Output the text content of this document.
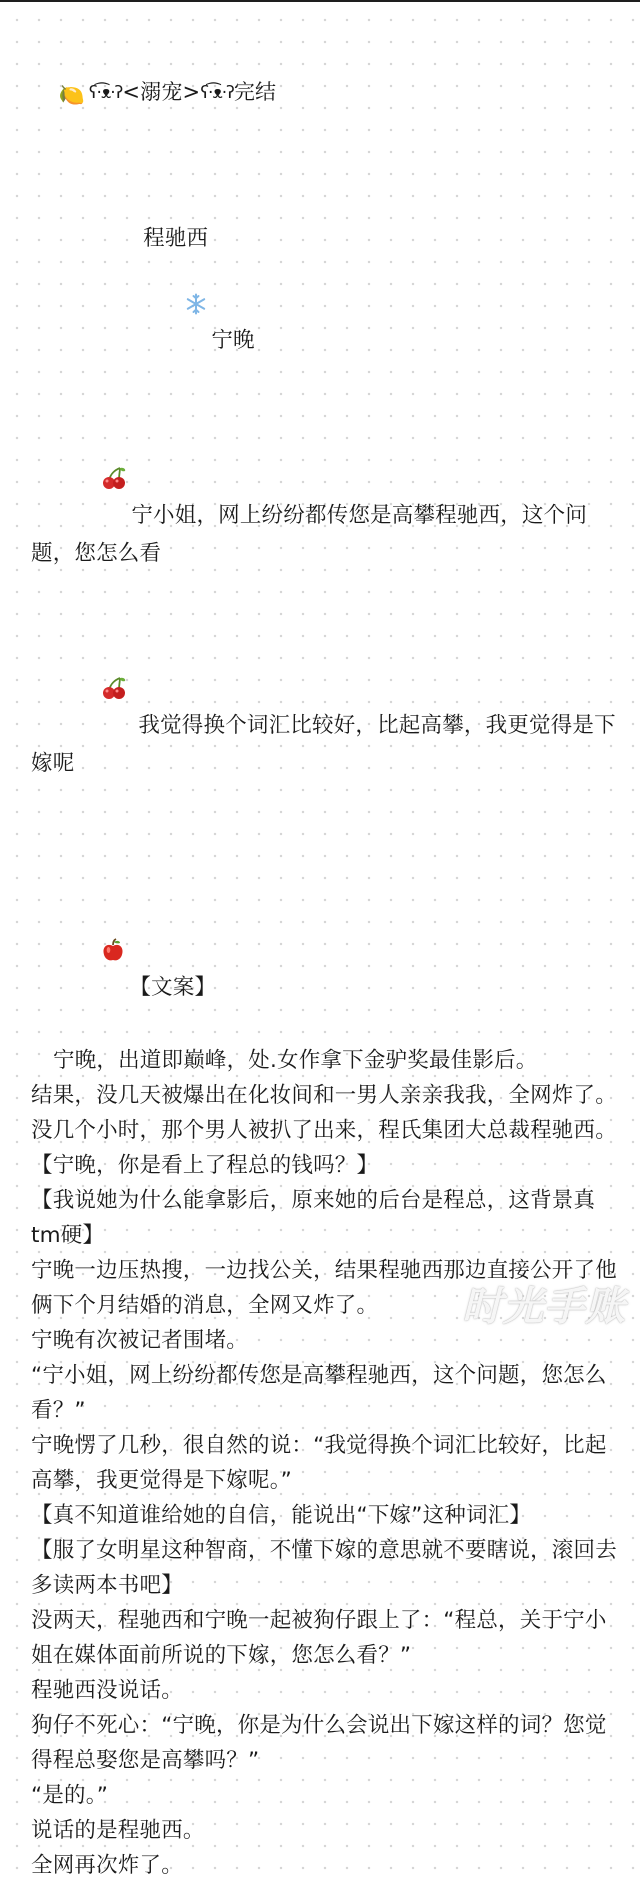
🍋 ʕ·͡ᴥ·ʔ<溺宠>ʕ·͡ᴥ·ʔ完结

程驰西

宁晚

宁小姐，网上纷纷都传您是高攀程驰西，这个问题，您怎么看

我觉得换个词汇比较好，比起高攀，我更觉得是下嫁呢

【文案】

宁晚，出道即巅峰，处.女作拿下金驴奖最佳影后。

结果，没几天被爆出在化妆间和一男人亲亲我我，全网炸了。

没几个小时，那个男人被扒了出来，程氏集团大总裁程驰西。

【宁晚，你是看上了程总的钱吗？】

【我说她为什么能拿影后，原来她的后台是程总，这背景真tm硬】

宁晚一边压热搜，一边找公关，结果程驰西那边直接公开了他俩下个月结婚的消息，全网又炸了。

宁晚有次被记者围堵。

“宁小姐，网上纷纷都传您是高攀程驰西，这个问题，您怎么看？”

宁晚愣了几秒，很自然的说：“我觉得换个词汇比较好，比起高攀，我更觉得是下嫁呢。”

【真不知道谁给她的自信，能说出“下嫁”这种词汇】

【服了女明星这种智商，不懂下嫁的意思就不要瞎说，滚回去多读两本书吧】

没两天，程驰西和宁晚一起被狗仔跟上了：“程总，关于宁小姐在媒体面前所说的下嫁，您怎么看？”

程驰西没说话。

狗仔不死心：“宁晚，你是为什么会说出下嫁这样的词？您觉得程总娶您是高攀吗？”

“是的。”

说话的是程驰西。

全网再次炸了。

时光手账
